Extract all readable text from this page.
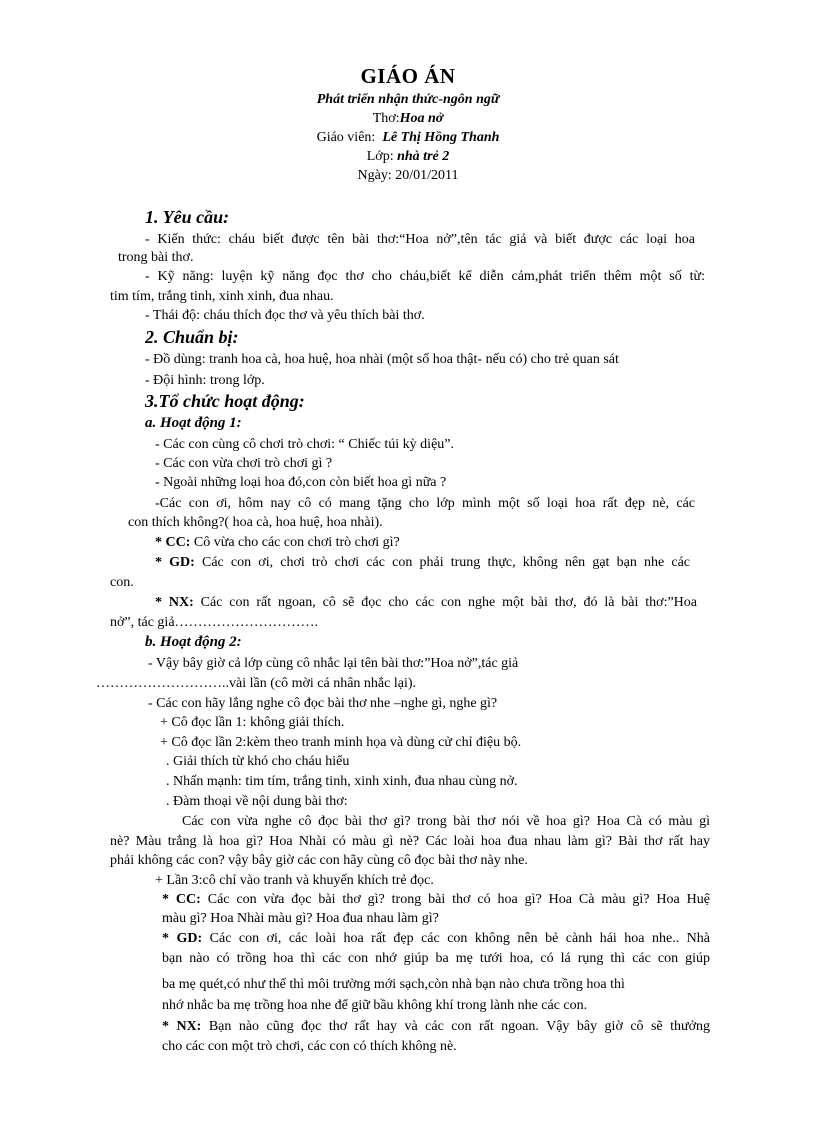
GIÁO ÁN
Phát triển nhận thức-ngôn ngữ
Thơ:Hoa nở
Giáo viên: Lê Thị Hồng Thanh
Lớp: nhà trẻ 2
Ngày: 20/01/2011
1. Yêu cầu:
- Kiến thức: cháu biết được tên bài thơ:“Hoa nở”,tên tác giả và biết được các loại hoa
trong bài thơ.
- Kỹ năng: luyện kỹ năng đọc thơ cho cháu,biết kể diễn cảm,phát triển thêm một số từ:
tim tím, trắng tinh, xinh xinh, đua nhau.
- Thái độ: cháu thích đọc thơ và yêu thích bài thơ.
2. Chuẩn bị:
- Đồ dùng: tranh hoa cà, hoa huệ, hoa nhài (một số hoa thật- nếu có) cho trẻ quan sát
- Đội hình: trong lớp.
3.Tổ chức hoạt động:
a. Hoạt động 1:
- Các con cùng cô chơi trò chơi: “ Chiếc túi kỳ diệu”.
- Các con vừa chơi trò chơi gì ?
- Ngoài những loại hoa đó,con còn biết hoa gì nữa ?
-Các con ơi, hôm nay cô có mang tặng cho lớp mình một số loại hoa rất đẹp nè, các
con thích không?( hoa cà, hoa huệ, hoa nhài).
* CC: Cô vừa cho các con chơi trò chơi gì?
* GD: Các con ơi, chơi trò chơi các con phải trung thực, không nên gạt bạn nhe các
con.
* NX: Các con rất ngoan, cô sẽ đọc cho các con nghe một bài thơ, đó là bài thơ:”Hoa
nở”, tác giả………………………….
b. Hoạt động 2:
- Vậy bây giờ cả lớp cùng cô nhắc lại tên bài thơ:”Hoa nở”,tác giả
………………………..vài lần (cô mời cá nhân nhắc lại).
- Các con hãy lắng nghe cô đọc bài thơ nhe –nghe gì, nghe gì?
+ Cô đọc lần 1: không giải thích.
+ Cô đọc lần 2:kèm theo tranh minh họa và dùng cử chỉ điệu bộ.
. Giải thích từ khó cho cháu hiểu
. Nhấn mạnh: tim tím, trắng tinh, xinh xinh, đua nhau cùng nở.
. Đàm thoại về nội dung bài thơ:
Các con vừa nghe cô đọc bài thơ gì? trong bài thơ nói về hoa gì? Hoa Cà có màu gì
nè? Màu trắng là hoa gì? Hoa Nhài có màu gì nè? Các loài hoa đua nhau làm gì? Bài thơ rất hay
phải không các con? vậy bây giờ các con hãy cùng cô đọc bài thơ này nhe.
+ Lần 3:cô chỉ vào tranh và khuyến khích trẻ đọc.
* CC: Các con vừa đọc bài thơ gì? trong bài thơ có hoa gì? Hoa Cà màu gì? Hoa Huệ
màu gì? Hoa Nhài màu gì? Hoa đua nhau làm gì?
* GD: Các con ơi, các loài hoa rất đẹp các con không nên bẻ cành hái hoa nhe.. Nhà
bạn nào có trồng hoa thì các con nhớ giúp ba mẹ tưới hoa, có lá rụng thì các con giúp
ba mẹ quét,có như thế thì môi trường mới sạch,còn nhà bạn nào chưa trồng hoa thì
nhớ nhắc ba mẹ trồng hoa nhe để giữ bầu không khí trong lành nhe các con.
* NX: Bạn nào cũng đọc thơ rất hay và các con rất ngoan. Vậy bây giờ cô sẽ thưởng
cho các con một trò chơi, các con có thích không nè.
